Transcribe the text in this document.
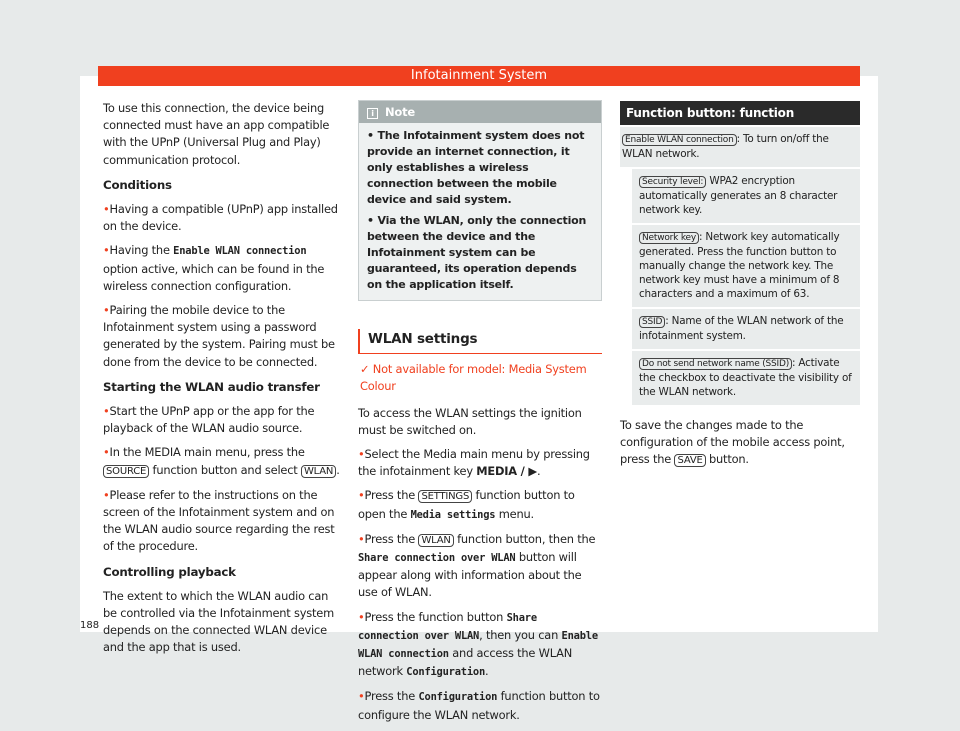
Infotainment System

To use this connection, the device being connected must have an app compatible with the UPnP (Universal Plug and Play) communication protocol.

Conditions

• Having a compatible (UPnP) app installed on the device.

• Having the Enable WLAN connection option active, which can be found in the wireless connection configuration.

• Pairing the mobile device to the Infotainment system using a password generated by the system. Pairing must be done from the device to be connected.

Starting the WLAN audio transfer

• Start the UPnP app or the app for the playback of the WLAN audio source.

• In the MEDIA main menu, press the SOURCE function button and select WLAN .

• Please refer to the instructions on the screen of the Infotainment system and on the WLAN audio source regarding the rest of the procedure.

Controlling playback

The extent to which the WLAN audio can be controlled via the Infotainment system depends on the connected WLAN device and the app that is used.

i Note

• The Infotainment system does not provide an internet connection, it only establishes a wireless connection between the mobile device and said system.

• Via the WLAN, only the connection between the device and the Infotainment system can be guaranteed, its operation depends on the application itself.

WLAN settings
✓ Not available for model: Media System Colour

To access the WLAN settings the ignition must be switched on.

• Select the Media main menu by pressing the infotainment key MEDIA / ▶.

• Press the SETTINGS function button to open the Media settings menu.

• Press the WLAN function button, then the Share connection over WLAN button will appear along with information about the use of WLAN.

• Press the function button Share connection over WLAN, then you can Enable WLAN connection and access the WLAN network Configuration.

• Press the Configuration function button to configure the WLAN network.

Function button: function
Enable WLAN connection : To turn on/off the WLAN network.
Security level: WPA2 encryption automatically generates an 8 character network key.
Network key : Network key automatically generated. Press the function button to manually change the network key. The network key must have a minimum of 8 characters and a maximum of 63.
SSID : Name of the WLAN network of the infotainment system.
Do not send network name (SSID) : Activate the checkbox to deactivate the visibility of the WLAN network.

To save the changes made to the configuration of the mobile access point, press the SAVE button.

188
